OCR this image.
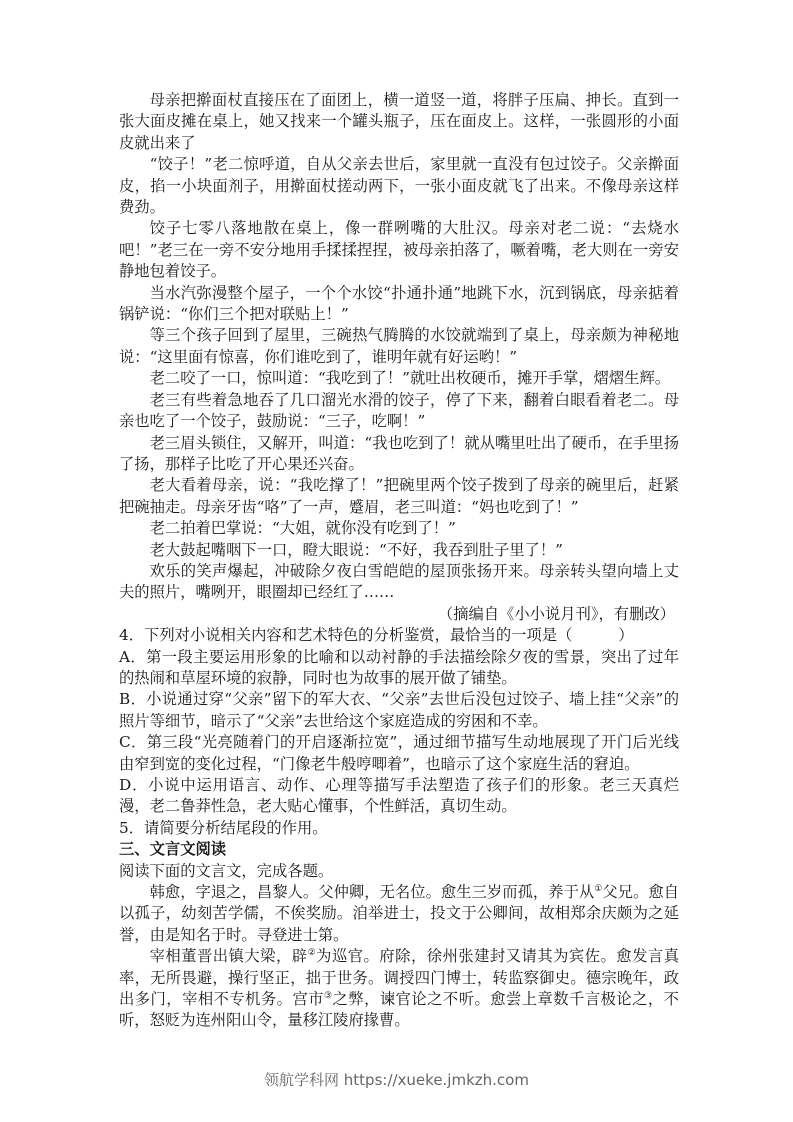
母亲把擀面杖直接压在了面团上，横一道竖一道，将胖子压扁、抻长。直到一张大面皮摊在桌上，她又找来一个罐头瓶子，压在面皮上。这样，一张圆形的小面皮就出来了

“饺子！”老二惊呼道，自从父亲去世后，家里就一直没有包过饺子。父亲擀面皮，掐一小块面剂子，用擀面杖搓动两下，一张小面皮就飞了出来。不像母亲这样费劲。

饺子七零八落地散在桌上，像一群咧嘴的大肚汉。母亲对老二说：“去烧水吧！”老三在一旁不安分地用手揉揉捏捏，被母亲拍落了，噘着嘴，老大则在一旁安静地包着饺子。

当水汽弥漫整个屋子，一个个水饺“扑通扑通”地跳下水，沉到锅底，母亲掂着锅铲说：“你们三个把对联贴上！”

等三个孩子回到了屋里，三碗热气腾腾的水饺就端到了桌上，母亲颇为神秘地说：“这里面有惊喜，你们谁吃到了，谁明年就有好运哟！”

老二咬了一口，惊叫道：“我吃到了！”就吐出枚硬币，摊开手掌，熠熠生辉。

老三有些着急地吞了几口溜光水滑的饺子，停了下来，翻着白眼看着老二。母亲也吃了一个饺子，鼓励说：“三子，吃啊！”

老三眉头锁住，又解开，叫道：“我也吃到了！就从嘴里吐出了硬币，在手里扬了扬，那样子比吃了开心果还兴奋。

老大看着母亲，说：“我吃撑了！”把碗里两个饺子拨到了母亲的碗里后，赶紧把碗抽走。母亲牙齿“咯”了一声，蹙眉，老三叫道：“妈也吃到了！”

老二拍着巴掌说：“大姐，就你没有吃到了！”

老大鼓起嘴咽下一口，瞪大眼说：“不好，我吞到肚子里了！”

欢乐的笑声爆起，冲破除夕夜白雪皑皑的屋顶张扬开来。母亲转头望向墙上丈夫的照片，嘴咧开，眼圈却已经红了……

（摘编自《小小说月刊》，有删改）

4．下列对小说相关内容和艺术特色的分析鉴赏，最恰当的一项是（　　　）

A．第一段主要运用形象的比喻和以动衬静的手法描绘除夕夜的雪景，突出了过年的热闹和草屋环境的寂静，同时也为故事的展开做了铺垫。

B．小说通过穿“父亲”留下的军大衣、“父亲”去世后没包过饺子、墙上挂“父亲”的照片等细节，暗示了“父亲”去世给这个家庭造成的穷困和不幸。

C．第三段“光亮随着门的开启逐渐拉宽”，通过细节描写生动地展现了开门后光线由窄到宽的变化过程，“门像老牛般哼唧着”，也暗示了这个家庭生活的窘迫。

D．小说中运用语言、动作、心理等描写手法塑造了孩子们的形象。老三天真烂漫，老二鲁莽性急，老大贴心懂事，个性鲜活，真切生动。

5．请简要分析结尾段的作用。

三、文言文阅读

阅读下面的文言文，完成各题。

韩愈，字退之，昌黎人。父仲卿，无名位。愈生三岁而孤，养于从①父兄。愈自以孤子，幼刻苦学儒，不俟奖励。洎举进士，投文于公卿间，故相郑余庆颇为之延誉，由是知名于时。寻登进士第。

宰相董晋出镇大梁，辟②为巡官。府除，徐州张建封又请其为宾佐。愈发言真率，无所畏避，操行坚正，拙于世务。调授四门博士，转监察御史。德宗晚年，政出多门，宰相不专机务。宫市③之弊，谏官论之不听。愈尝上章数千言极论之，不听，怒贬为连州阳山令，量移江陵府掾曹。

领航学科网 https://xueke.jmkzh.com
